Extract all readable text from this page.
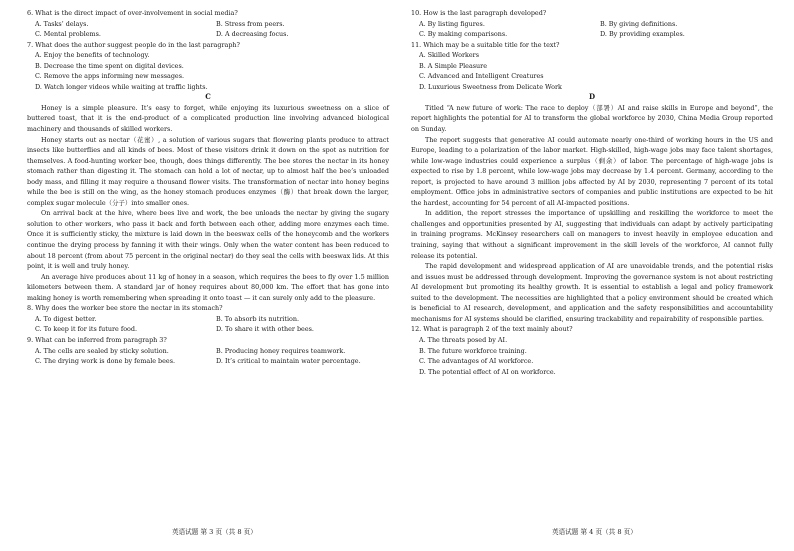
6. What is the direct impact of over-involvement in social media?

A. Tasks’ delays.	B. Stress from peers.
C. Mental problems.	D. A decreasing focus.

7. What does the author suggest people do in the last paragraph?

A. Enjoy the benefits of technology.
B. Decrease the time spent on digital devices.
C. Remove the apps informing new messages.
D. Watch longer videos while waiting at traffic lights.

C

Honey is a simple pleasure. It’s easy to forget, while enjoying its luxurious sweetness on a slice of buttered toast, that it is the end-product of a complicated production line involving advanced biological machinery and thousands of skilled workers.

Honey starts out as nectar（花蜜）, a solution of various sugars that flowering plants produce to attract insects like butterflies and all kinds of bees. Most of these visitors drink it down on the spot as nutrition for themselves. A food-hunting worker bee, though, does things differently. The bee stores the nectar in its honey stomach rather than digesting it. The stomach can hold a lot of nectar, up to almost half the bee’s unloaded body mass, and filling it may require a thousand flower visits. The transformation of nectar into honey begins while the bee is still on the wing, as the honey stomach produces enzymes（酶）that break down the larger, complex sugar molecule（分子）into smaller ones.

On arrival back at the hive, where bees live and work, the bee unloads the nectar by giving the sugary solution to other workers, who pass it back and forth between each other, adding more enzymes each time. Once it is sufficiently sticky, the mixture is laid down in the beeswax cells of the honeycomb and the workers continue the drying process by fanning it with their wings. Only when the water content has been reduced to about 18 percent (from about 75 percent in the original nectar) do they seal the cells with beeswax lids. At this point, it is well and truly honey.

An average hive produces about 11 kg of honey in a season, which requires the bees to fly over 1.5 million kilometers between them. A standard jar of honey requires about 80,000 km. The effort that has gone into making honey is worth remembering when spreading it onto toast — it can surely only add to the pleasure.

8. Why does the worker bee store the nectar in its stomach?

A. To digest better.	B. To absorb its nutrition.
C. To keep it for its future food.	D. To share it with other bees.

9. What can be inferred from paragraph 3?

A. The cells are sealed by sticky solution.	B. Producing honey requires teamwork.
C. The drying work is done by female bees.	D. It’s critical to maintain water percentage.

10. How is the last paragraph developed?

A. By listing figures.	B. By giving definitions.
C. By making comparisons.	D. By providing examples.

11. Which may be a suitable title for the text?

A. Skilled Workers
B. A Simple Pleasure
C. Advanced and Intelligent Creatures
D. Luxurious Sweetness from Delicate Work

D

Titled “A new future of work: The race to deploy（部署）AI and raise skills in Europe and beyond”, the report highlights the potential for AI to transform the global workforce by 2030, China Media Group reported on Sunday.

The report suggests that generative AI could automate nearly one-third of working hours in the US and Europe, leading to a polarization of the labor market. High-skilled, high-wage jobs may face talent shortages, while low-wage industries could experience a surplus（剩余）of labor. The percentage of high-wage jobs is expected to rise by 1.8 percent, while low-wage jobs may decrease by 1.4 percent. Germany, according to the report, is projected to have around 3 million jobs affected by AI by 2030, representing 7 percent of its total employment. Office jobs in administrative sectors of companies and public institutions are expected to be hit the hardest, accounting for 54 percent of all AI-impacted positions.

In addition, the report stresses the importance of upskilling and reskilling the workforce to meet the challenges and opportunities presented by AI, suggesting that individuals can adapt by actively participating in training programs. McKinsey researchers call on managers to invest heavily in employee education and training, saying that without a significant improvement in the skill levels of the workforce, AI cannot fully release its potential.

The rapid development and widespread application of AI are unavoidable trends, and the potential risks and issues must be addressed through development. Improving the governance system is not about restricting AI development but promoting its healthy growth. It is essential to establish a legal and policy framework suited to the development. The necessities are highlighted that a policy environment should be created which is beneficial to AI research, development, and application and the safety responsibilities and accountability mechanisms for AI systems should be clarified, ensuring trackability and repairability of responsible parties.

12. What is paragraph 2 of the text mainly about?

A. The threats posed by AI.
B. The future workforce training.
C. The advantages of AI workforce.
D. The potential effect of AI on workforce.
英语试题 第 3 页（共 8 页）	英语试题 第 4 页（共 8 页）
